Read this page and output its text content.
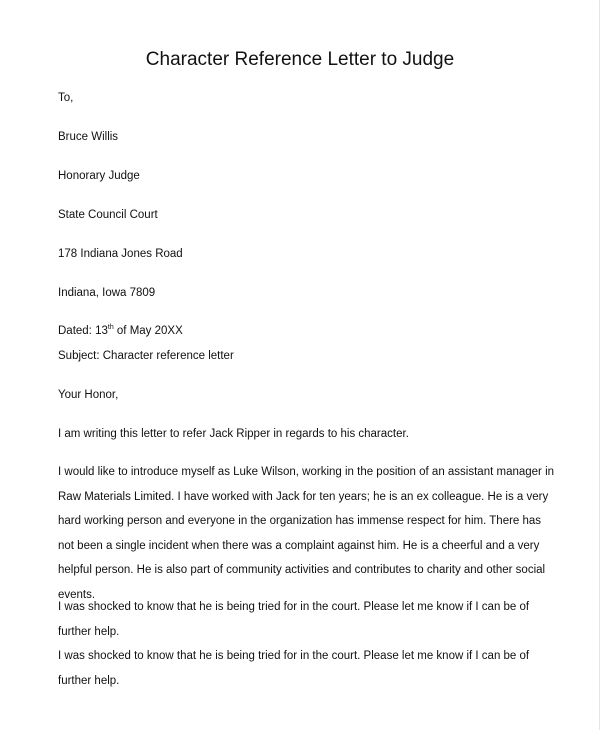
Character Reference Letter to Judge

To,

Bruce Willis

Honorary Judge

State Council Court

178 Indiana Jones Road

Indiana, Iowa 7809

Dated: 13th of May 20XX

Subject: Character reference letter

Your Honor,

I am writing this letter to refer Jack Ripper in regards to his character.

I would like to introduce myself as Luke Wilson, working in the position of an assistant manager in Raw Materials Limited. I have worked with Jack for ten years; he is an ex colleague. He is a very hard working person and everyone in the organization has immense respect for him. There has not been a single incident when there was a complaint against him. He is a cheerful and a very helpful person. He is also part of community activities and contributes to charity and other social events.

I was shocked to know that he is being tried for in the court. Please let me know if I can be of further help.

I was shocked to know that he is being tried for in the court. Please let me know if I can be of further help.
